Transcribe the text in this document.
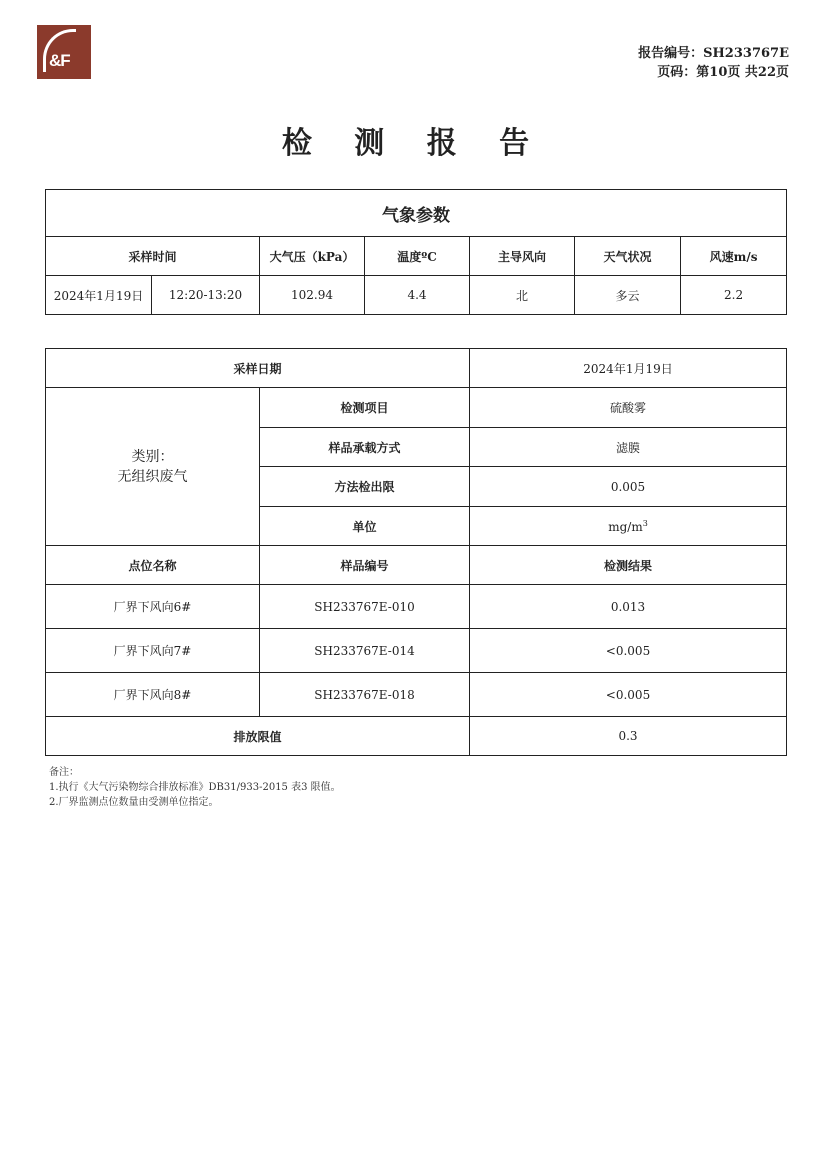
&F	报告编号：SH233767E
页码：第10页 共22页
检 测 报 告
气象参数						
采样时间		大气压（kPa）	温度ºC	主导风向	天气状况	风速m/s
2024年1月19日	12:20-13:20	102.94	4.4	北	多云	2.2
采样日期		2024年1月19日

类别：
无组织废气	检测项目	硫酸雾
	样品承载方式	滤膜
	方法检出限	0.005
	单位	$mg/m^3$
点位名称	样品编号	检测结果
厂界下风向6#	SH233767E-010	0.013
厂界下风向7#	SH233767E-014	<0.005
厂界下风向8#	SH233767E-018	<0.005
排放限值		0.3
备注：
1.执行《大气污染物综合排放标准》DB31/933-2015 表3 限值。
2.厂界监测点位数量由受测单位指定。
